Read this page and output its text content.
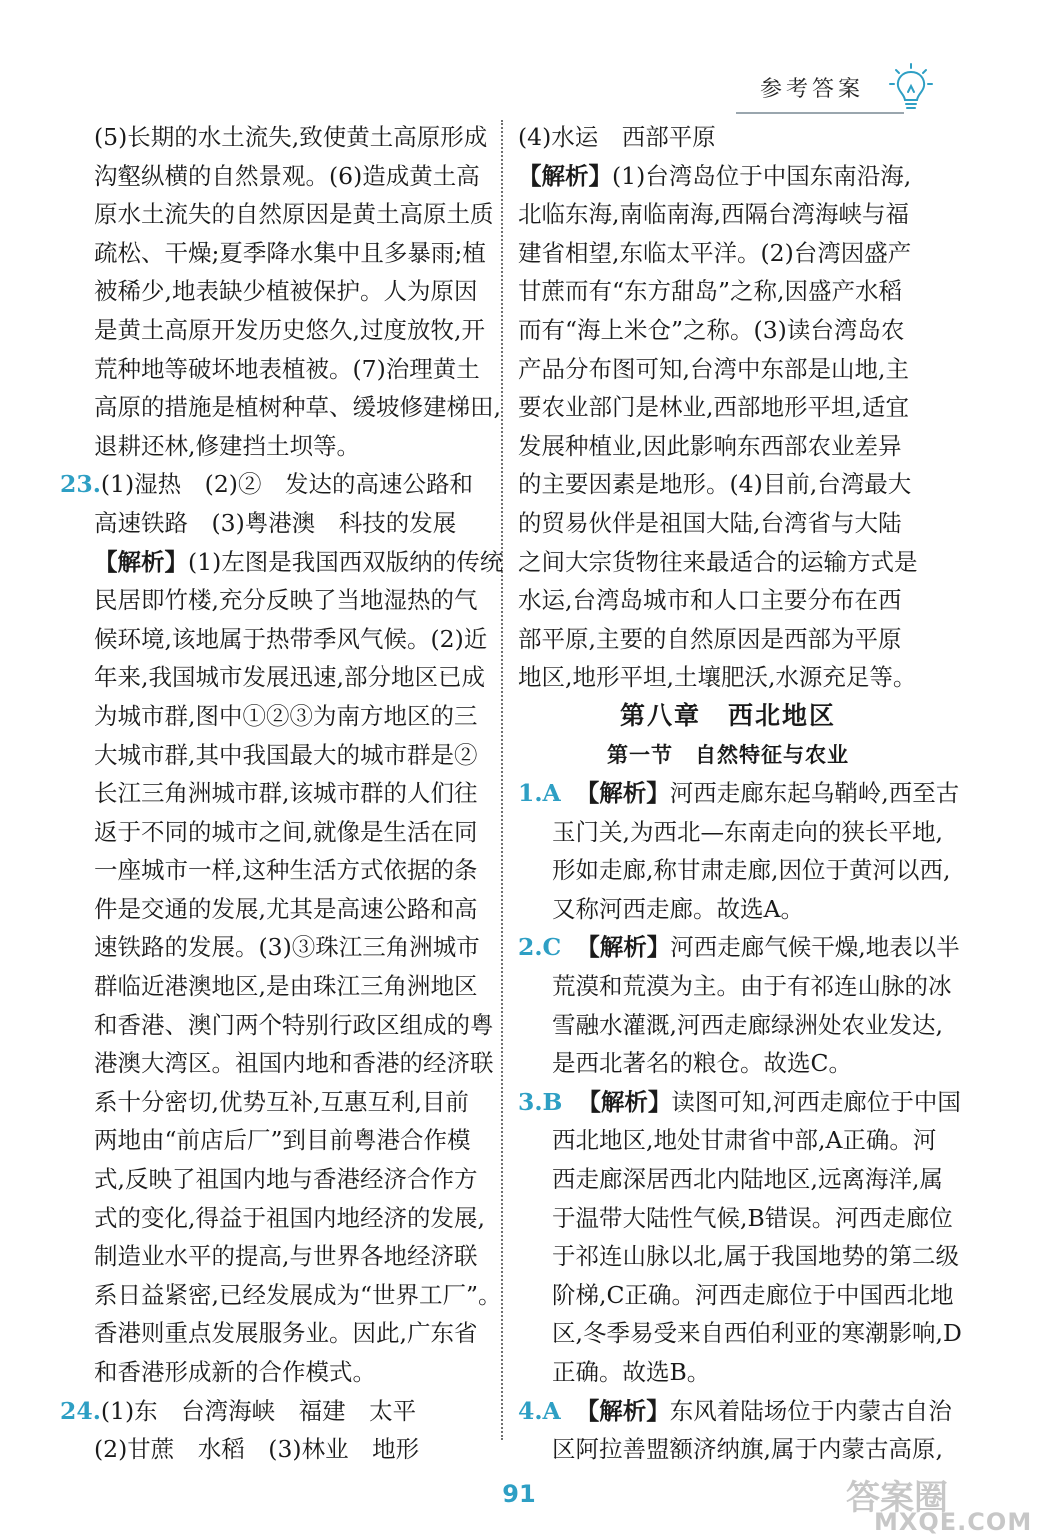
参考答案
(5)长期的水土流失,致使黄土高原形成
沟壑纵横的自然景观。(6)造成黄土高
原水土流失的自然原因是黄土高原土质
疏松、干燥;夏季降水集中且多暴雨;植
被稀少,地表缺少植被保护。人为原因
是黄土高原开发历史悠久,过度放牧,开
荒种地等破坏地表植被。(7)治理黄土
高原的措施是植树种草、缓坡修建梯田,
退耕还林,修建挡土坝等。
23.(1)湿热　(2)②　发达的高速公路和
高速铁路　(3)粤港澳　科技的发展
【解析】(1)左图是我国西双版纳的传统
民居即竹楼,充分反映了当地湿热的气
候环境,该地属于热带季风气候。(2)近
年来,我国城市发展迅速,部分地区已成
为城市群,图中①②③为南方地区的三
大城市群,其中我国最大的城市群是②
长江三角洲城市群,该城市群的人们往
返于不同的城市之间,就像是生活在同
一座城市一样,这种生活方式依据的条
件是交通的发展,尤其是高速公路和高
速铁路的发展。(3)③珠江三角洲城市
群临近港澳地区,是由珠江三角洲地区
和香港、澳门两个特别行政区组成的粤
港澳大湾区。祖国内地和香港的经济联
系十分密切,优势互补,互惠互利,目前
两地由“前店后厂”到目前粤港合作模
式,反映了祖国内地与香港经济合作方
式的变化,得益于祖国内地经济的发展,
制造业水平的提高,与世界各地经济联
系日益紧密,已经发展成为“世界工厂”。
香港则重点发展服务业。因此,广东省
和香港形成新的合作模式。
24.(1)东　台湾海峡　福建　太平
(2)甘蔗　水稻　(3)林业　地形
(4)水运　西部平原
【解析】(1)台湾岛位于中国东南沿海,
北临东海,南临南海,西隔台湾海峡与福
建省相望,东临太平洋。(2)台湾因盛产
甘蔗而有“东方甜岛”之称,因盛产水稻
而有“海上米仓”之称。(3)读台湾岛农
产品分布图可知,台湾中东部是山地,主
要农业部门是林业,西部地形平坦,适宜
发展种植业,因此影响东西部农业差异
的主要因素是地形。(4)目前,台湾最大
的贸易伙伴是祖国大陆,台湾省与大陆
之间大宗货物往来最适合的运输方式是
水运,台湾岛城市和人口主要分布在西
部平原,主要的自然原因是西部为平原
地区,地形平坦,土壤肥沃,水源充足等。
第八章　西北地区
第一节　自然特征与农业
1.A 【解析】河西走廊东起乌鞘岭,西至古
玉门关,为西北—东南走向的狭长平地,
形如走廊,称甘肃走廊,因位于黄河以西,
又称河西走廊。故选A。
2.C 【解析】河西走廊气候干燥,地表以半
荒漠和荒漠为主。由于有祁连山脉的冰
雪融水灌溉,河西走廊绿洲处农业发达,
是西北著名的粮仓。故选C。
3.B 【解析】读图可知,河西走廊位于中国
西北地区,地处甘肃省中部,A正确。河
西走廊深居西北内陆地区,远离海洋,属
于温带大陆性气候,B错误。河西走廊位
于祁连山脉以北,属于我国地势的第二级
阶梯,C正确。河西走廊位于中国西北地
区,冬季易受来自西伯利亚的寒潮影响,D
正确。故选B。
4.A 【解析】东风着陆场位于内蒙古自治
区阿拉善盟额济纳旗,属于内蒙古高原,
91	答案圈
MXQE.COM
